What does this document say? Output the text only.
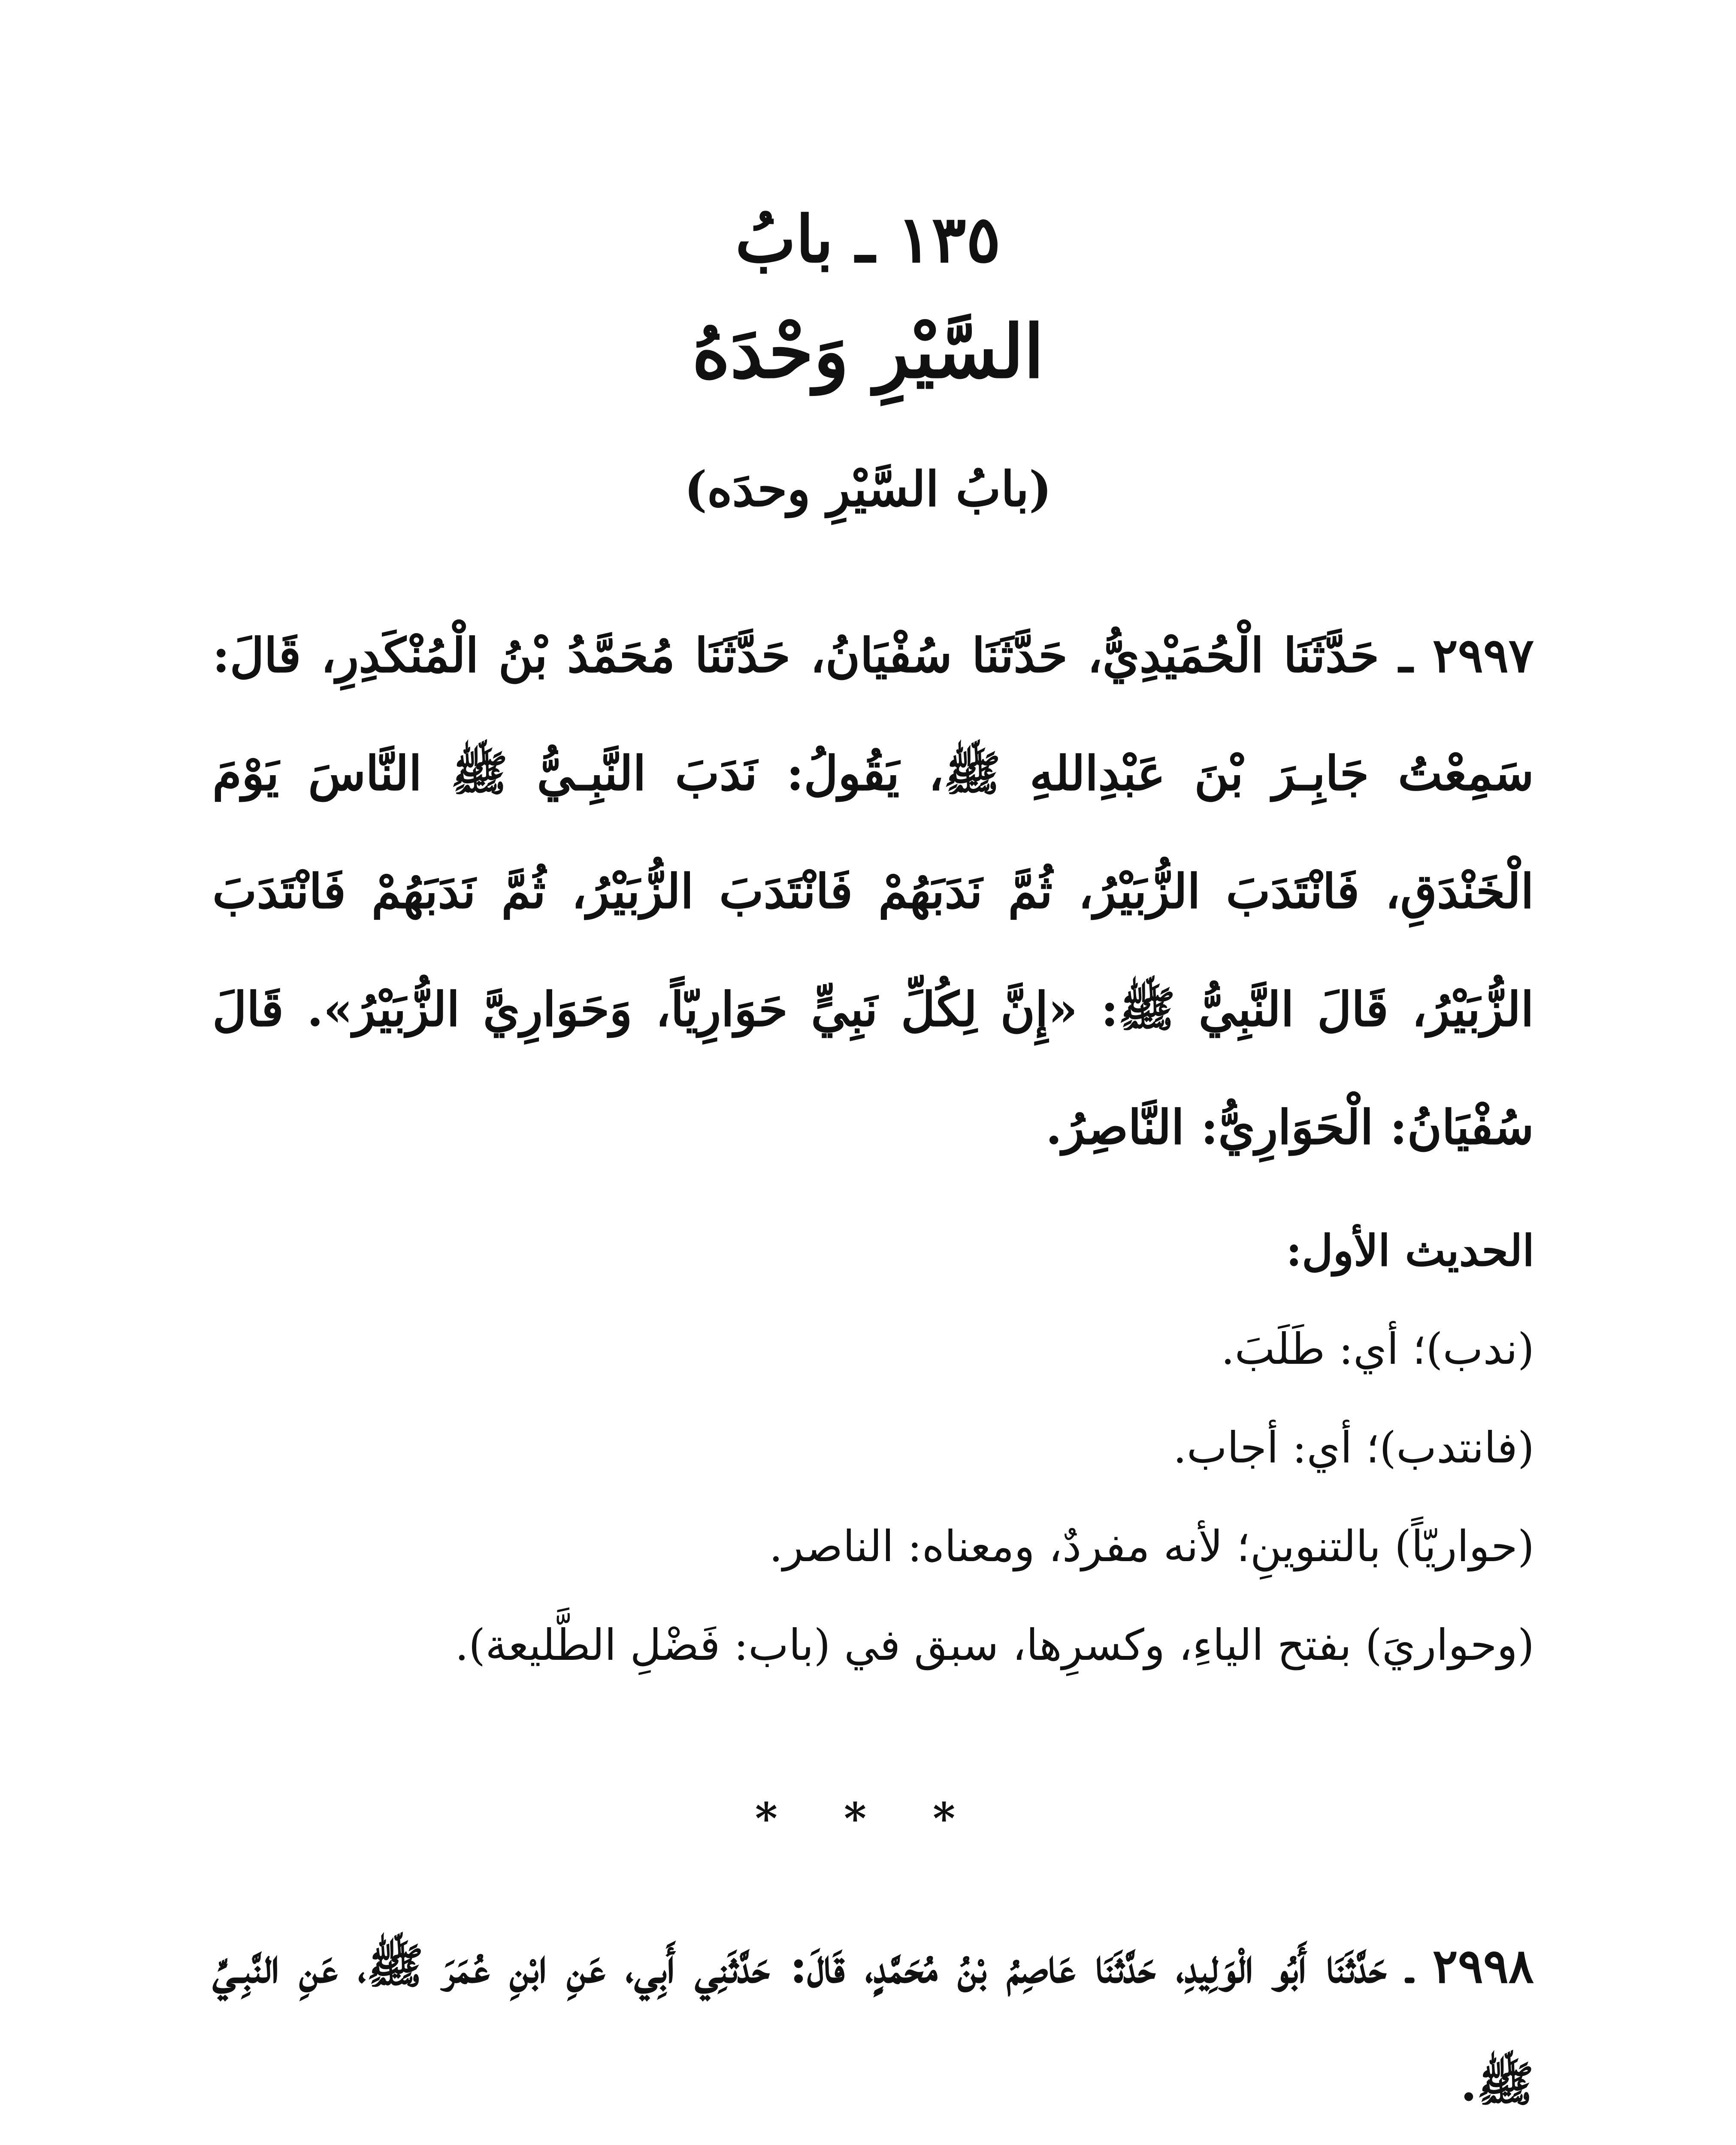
١٣٥ ـ بابُ
السَّيْرِ وَحْدَهُ
(بابُ السَّيْرِ وحدَه)
٢٩٩٧ ـ حَدَّثَنَا الْحُمَيْدِيُّ، حَدَّثَنَا سُفْيَانُ، حَدَّثَنَا مُحَمَّدُ بْنُ الْمُنْكَدِرِ، قَالَ: سَمِعْتُ جَابِـرَ بْنَ عَبْدِاللهِ ﷺ، يَقُولُ: نَدَبَ النَّبِـيُّ ﷺ النَّاسَ يَوْمَ الْخَنْدَقِ، فَانْتَدَبَ الزُّبَيْرُ، ثُمَّ نَدَبَهُمْ فَانْتَدَبَ الزُّبَيْرُ، ثُمَّ نَدَبَهُمْ فَانْتَدَبَ الزُّبَيْرُ، قَالَ النَّبِيُّ ﷺ: «إِنَّ لِكُلِّ نَبِيٍّ حَوَارِيّاً، وَحَوَارِيَّ الزُّبَيْرُ». قَالَ سُفْيَانُ: الْحَوَارِيُّ: النَّاصِرُ.
الحديث الأول:
(ندب)؛ أي: طَلَبَ.
(فانتدب)؛ أي: أجاب.
(حواريّاً) بالتنوينِ؛ لأنه مفردٌ، ومعناه: الناصر.
(وحواريَ) بفتح الياءِ، وكسرِها، سبق في (باب: فَضْلِ الطَّليعة).
* * *
٢٩٩٨ ـ حَدَّثَنَا أَبُو الْوَلِيدِ، حَدَّثَنَا عَاصِمُ بْنُ مُحَمَّدٍ، قَالَ: حَدَّثَنِي أَبِي، عَنِ ابْنِ عُمَرَ ﷺ، عَنِ النَّبِـيِّ ﷺ.
